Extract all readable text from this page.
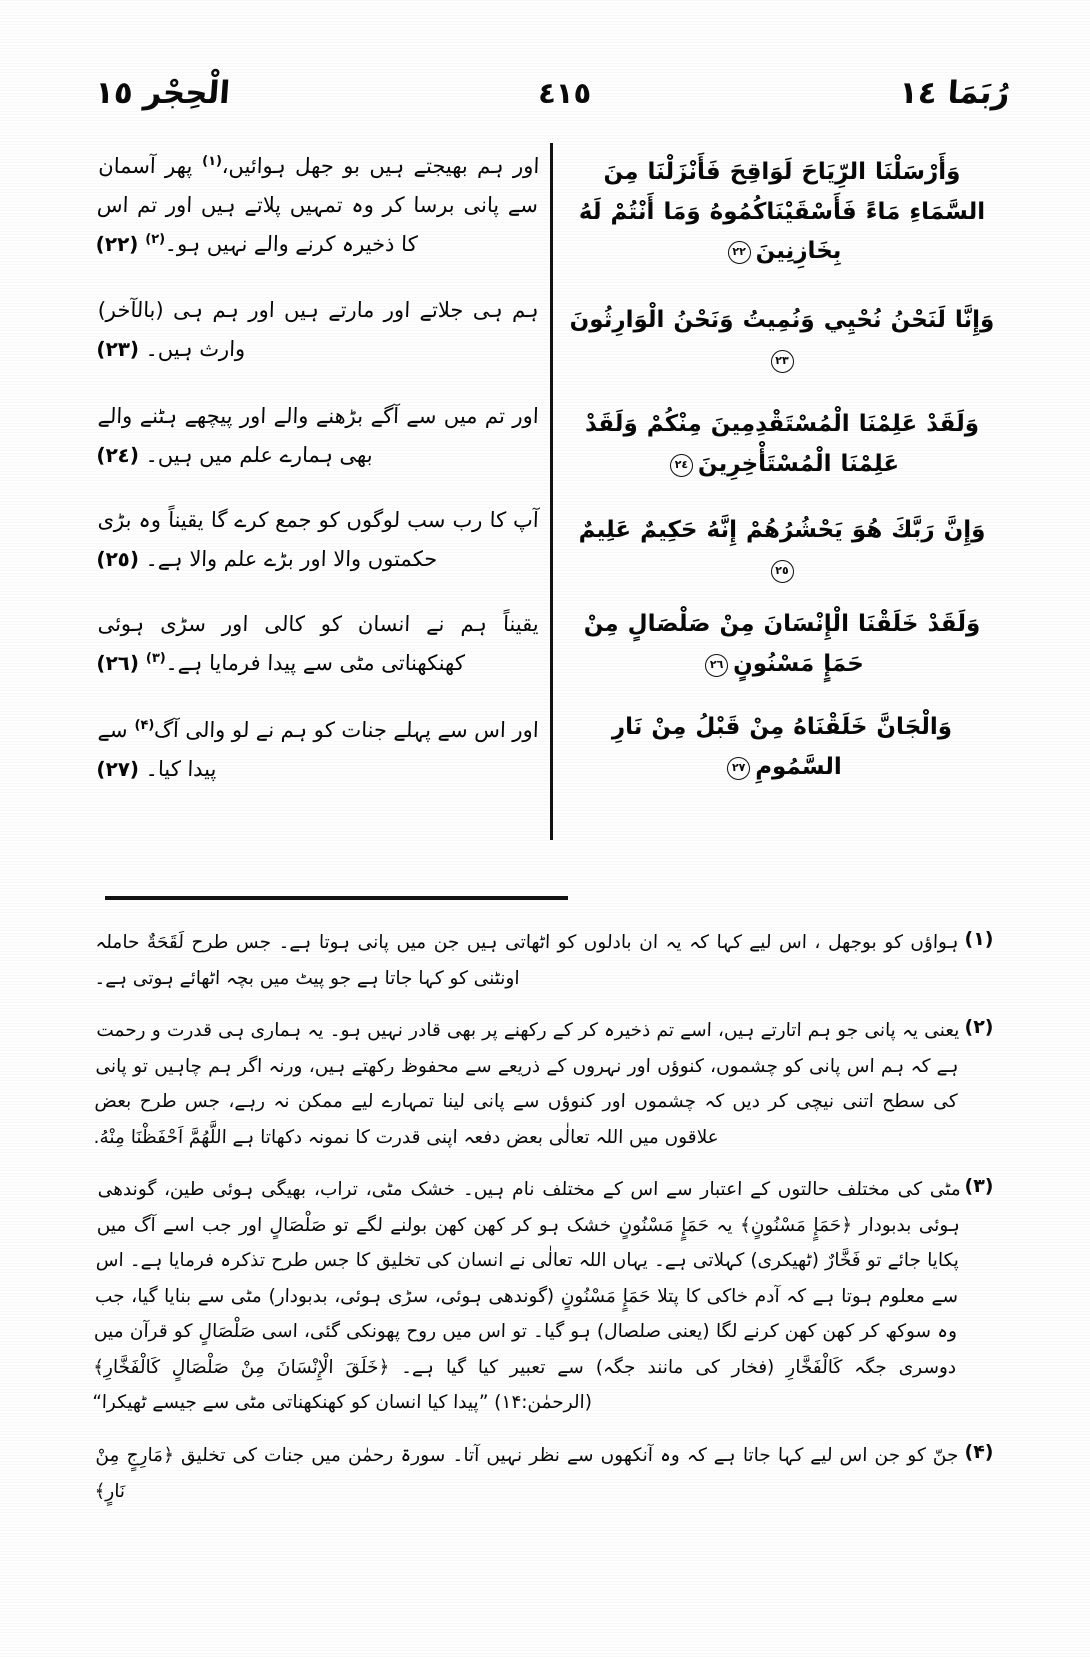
رُبَمَا ١٤
٤١٥
الْحِجْر ١٥
وَأَرْسَلْنَا الرِّيَاحَ لَوَاقِحَ فَأَنْزَلْنَا مِنَ السَّمَاءِ مَاءً فَأَسْقَيْنَاكُمُوهُ وَمَا أَنْتُمْ لَهُ بِخَازِنِينَ٢٢
وَإِنَّا لَنَحْنُ نُحْيِي وَنُمِيتُ وَنَحْنُ الْوَارِثُونَ٢٣
وَلَقَدْ عَلِمْنَا الْمُسْتَقْدِمِينَ مِنْكُمْ وَلَقَدْ عَلِمْنَا الْمُسْتَأْخِرِينَ٢٤
وَإِنَّ رَبَّكَ هُوَ يَحْشُرُهُمْ إِنَّهُ حَكِيمٌ عَلِيمٌ٢٥
وَلَقَدْ خَلَقْنَا الْإِنْسَانَ مِنْ صَلْصَالٍ مِنْ حَمَإٍ مَسْنُونٍ٢٦
وَالْجَانَّ خَلَقْنَاهُ مِنْ قَبْلُ مِنْ نَارِ السَّمُومِ٢٧
اور ہم بھیجتے ہیں بو جھل ہوائیں،$^{(۱)}$ پھر آسمان سے پانی برسا کر وہ تمہیں پلاتے ہیں اور تم اس کا ذخیرہ کرنے والے نہیں ہو۔$^{(۲)}$ (٢٢)
ہم ہی جلاتے اور مارتے ہیں اور ہم ہی (بالآخر) وارث ہیں۔ (٢٣)
اور تم میں سے آگے بڑھنے والے اور پیچھے ہٹنے والے بھی ہمارے علم میں ہیں۔ (٢٤)
آپ کا رب سب لوگوں کو جمع کرے گا یقیناً وہ بڑی حکمتوں والا اور بڑے علم والا ہے۔ (٢٥)
یقیناً ہم نے انسان کو کالی اور سڑی ہوئی کھنکھناتی مٹی سے پیدا فرمایا ہے۔$^{(۳)}$ (٢٦)
اور اس سے پہلے جنات کو ہم نے لو والی آگ$^{(۴)}$ سے پیدا کیا۔ (٢٧)
(۱)
ہواؤں کو بوجھل ، اس لیے کہا کہ یہ ان بادلوں کو اٹھاتی ہیں جن میں پانی ہوتا ہے۔ جس طرح لَقَحَةٌ حاملہ اونٹنی کو کہا جاتا ہے جو پیٹ میں بچہ اٹھائے ہوتی ہے۔
(۲)
یعنی یہ پانی جو ہم اتارتے ہیں، اسے تم ذخیرہ کر کے رکھنے پر بھی قادر نہیں ہو۔ یہ ہماری ہی قدرت و رحمت ہے کہ ہم اس پانی کو چشموں، کنوؤں اور نہروں کے ذریعے سے محفوظ رکھتے ہیں، ورنہ اگر ہم چاہیں تو پانی کی سطح اتنی نیچی کر دیں کہ چشموں اور کنوؤں سے پانی لینا تمہارے لیے ممکن نہ رہے، جس طرح بعض علاقوں میں اللہ تعالٰی بعض دفعہ اپنی قدرت کا نمونہ دکھاتا ہے اللَّهُمَّ اَحْفَظْنَا مِنْهُ.
(۳)
مٹی کی مختلف حالتوں کے اعتبار سے اس کے مختلف نام ہیں۔ خشک مٹی، تراب، بھیگی ہوئی طین، گوندھی ہوئی بدبودار ﴿حَمَإٍ مَسْنُونٍ﴾ یہ حَمَإٍ مَسْنُونٍ خشک ہو کر کھن کھن بولنے لگے تو صَلْصَالٍ اور جب اسے آگ میں پکایا جائے تو فَخَّارٌ (ٹھیکری) کہلاتی ہے۔ یہاں اللہ تعالٰی نے انسان کی تخلیق کا جس طرح تذکرہ فرمایا ہے۔ اس سے معلوم ہوتا ہے کہ آدم خاکی کا پتلا حَمَإٍ مَسْنُونٍ (گوندھی ہوئی، سڑی ہوئی، بدبودار) مٹی سے بنایا گیا، جب وہ سوکھ کر کھن کھن کرنے لگا (یعنی صلصال) ہو گیا۔ تو اس میں روح پھونکی گئی، اسی صَلْصَالٍ کو قرآن میں دوسری جگہ کَالْفَخَّارِ (فخار کی مانند جگہ) سے تعبیر کیا گیا ہے۔ ﴿خَلَقَ الْإِنْسَانَ مِنْ صَلْصَالٍ كَالْفَخَّارِ﴾ (الرحمٰن:۱۴) ”پیدا کیا انسان کو کھنکھناتی مٹی سے جیسے ٹھیکرا“
(۴)
جنّ کو جن اس لیے کہا جاتا ہے کہ وہ آنکھوں سے نظر نہیں آتا۔ سورۃ رحمٰن میں جنات کی تخلیق ﴿مَارِجٍ مِنْ نَارٍ﴾
